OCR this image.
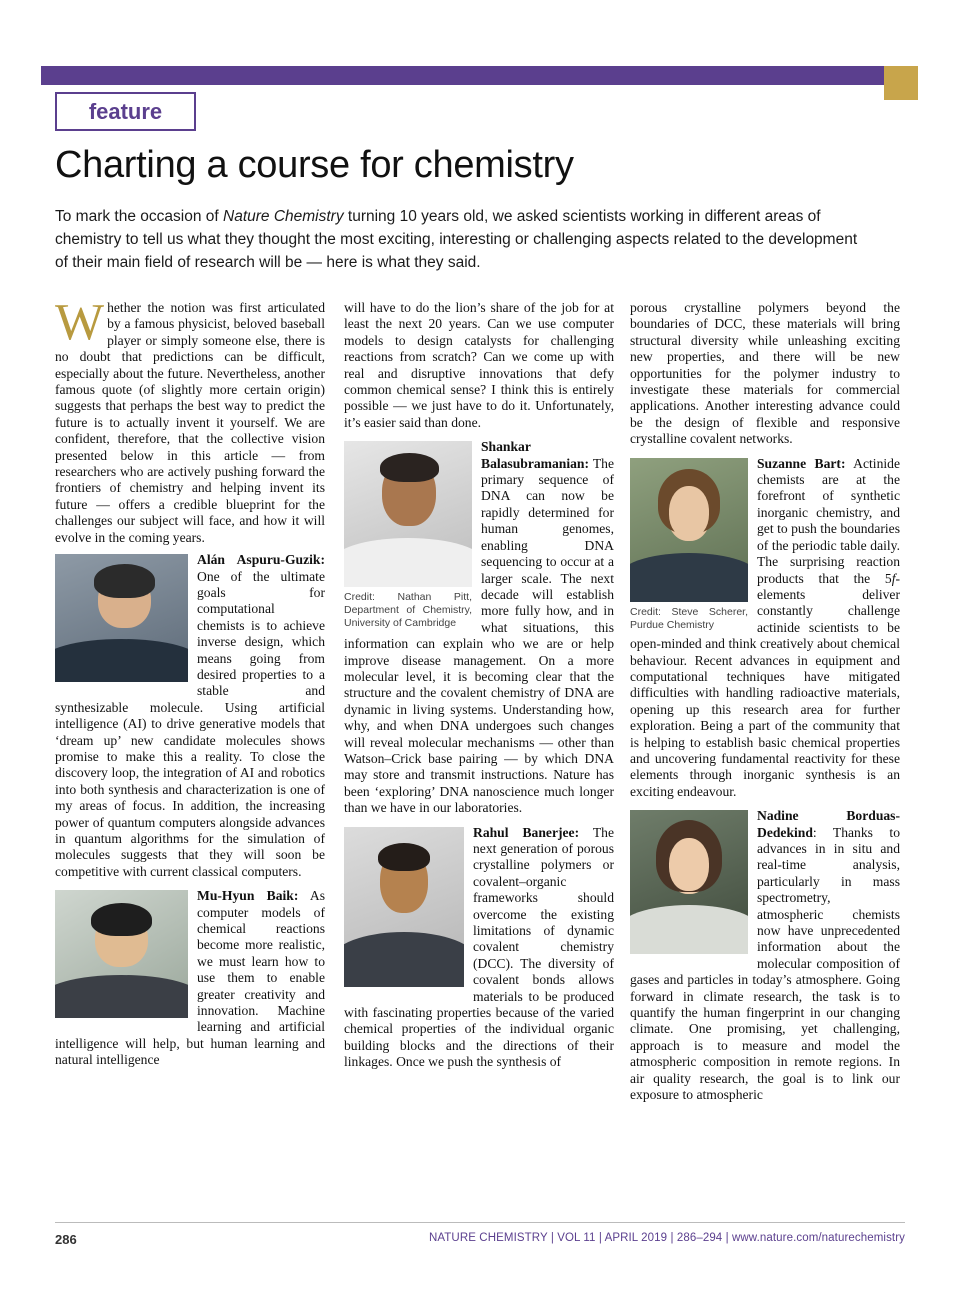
feature
Charting a course for chemistry
To mark the occasion of Nature Chemistry turning 10 years old, we asked scientists working in different areas of chemistry to tell us what they thought the most exciting, interesting or challenging aspects related to the development of their main field of research will be — here is what they said.

Whether the notion was first articulated by a famous physicist, beloved baseball player or simply someone else, there is no doubt that predictions can be difficult, especially about the future. Nevertheless, another famous quote (of slightly more certain origin) suggests that perhaps the best way to predict the future is to actually invent it yourself. We are confident, therefore, that the collective vision presented below in this article — from researchers who are actively pushing forward the frontiers of chemistry and helping invent its future — offers a credible blueprint for the challenges our subject will face, and how it will evolve in the coming years.

Alán Aspuru-Guzik: One of the ultimate goals for computational chemists is to achieve inverse design, which means going from desired properties to a stable and synthesizable molecule. Using artificial intelligence (AI) to drive generative models that ‘dream up’ new candidate molecules shows promise to make this a reality. To close the discovery loop, the integration of AI and robotics into both synthesis and characterization is one of my areas of focus. In addition, the increasing power of quantum computers alongside advances in quantum algorithms for the simulation of molecules suggests that they will soon be competitive with current classical computers.

Mu-Hyun Baik: As computer models of chemical reactions become more realistic, we must learn how to use them to enable greater creativity and innovation. Machine learning and artificial intelligence will help, but human learning and natural intelligence

will have to do the lion’s share of the job for at least the next 20 years. Can we use computer models to design catalysts for challenging reactions from scratch? Can we come up with real and disruptive innovations that defy common chemical sense? I think this is entirely possible — we just have to do it. Unfortunately, it’s easier said than done.

Credit: Nathan Pitt, Department of Chemistry, University of Cambridge

Shankar Balasubramanian: The primary sequence of DNA can now be rapidly determined for human genomes, enabling DNA sequencing to occur at a larger scale. The next decade will establish more fully how, and in what situations, this information can explain who we are or help improve disease management. On a more molecular level, it is becoming clear that the structure and the covalent chemistry of DNA are dynamic in living systems. Understanding how, why, and when DNA undergoes such changes will reveal molecular mechanisms — other than Watson–Crick base pairing — by which DNA may store and transmit instructions. Nature has been ‘exploring’ DNA nanoscience much longer than we have in our laboratories.

Rahul Banerjee: The next generation of porous crystalline polymers or covalent–organic frameworks should overcome the existing limitations of dynamic covalent chemistry (DCC). The diversity of covalent bonds allows materials to be produced with fascinating properties because of the varied chemical properties of the individual organic building blocks and the directions of their linkages. Once we push the synthesis of

porous crystalline polymers beyond the boundaries of DCC, these materials will bring structural diversity while unleashing exciting new properties, and there will be new opportunities for the polymer industry to investigate these materials for commercial applications. Another interesting advance could be the design of flexible and responsive crystalline covalent networks.

Credit: Steve Scherer, Purdue Chemistry

Suzanne Bart: Actinide chemists are at the forefront of synthetic inorganic chemistry, and get to push the boundaries of the periodic table daily. The surprising reaction products that the 5f-elements deliver constantly challenge actinide scientists to be open-minded and think creatively about chemical behaviour. Recent advances in equipment and computational techniques have mitigated difficulties with handling radioactive materials, opening up this research area for further exploration. Being a part of the community that is helping to establish basic chemical properties and uncovering fundamental reactivity for these elements through inorganic synthesis is an exciting endeavour.

Nadine Borduas-Dedekind: Thanks to advances in in situ and real-time analysis, particularly in mass spectrometry, atmospheric chemists now have unprecedented information about the molecular composition of gases and particles in today’s atmosphere. Going forward in climate research, the task is to quantify the human fingerprint in our changing climate. One promising, yet challenging, approach is to measure and model the atmospheric composition in remote regions. In air quality research, the goal is to link our exposure to atmospheric

286	NATURE CHEMISTRY | VOL 11 | APRIL 2019 | 286–294 | www.nature.com/naturechemistry
